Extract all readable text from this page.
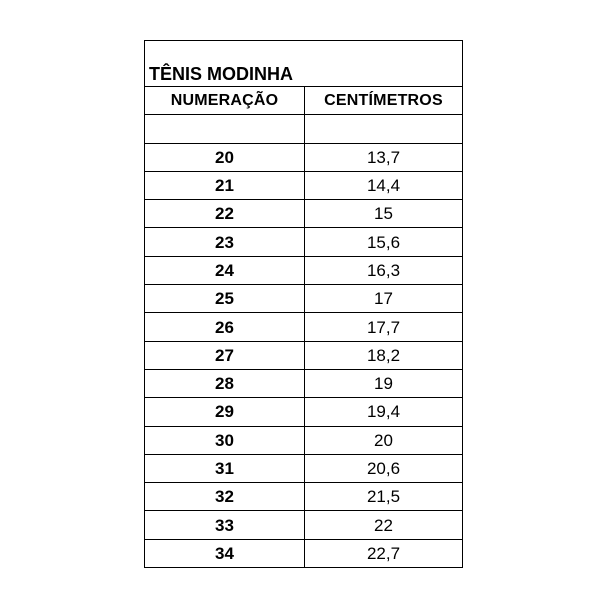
TÊNIS MODINHA	
NUMERAÇÃO	CENTÍMETROS

20	13,7
21	14,4
22	15
23	15,6
24	16,3
25	17
26	17,7
27	18,2
28	19
29	19,4
30	20
31	20,6
32	21,5
33	22
34	22,7
